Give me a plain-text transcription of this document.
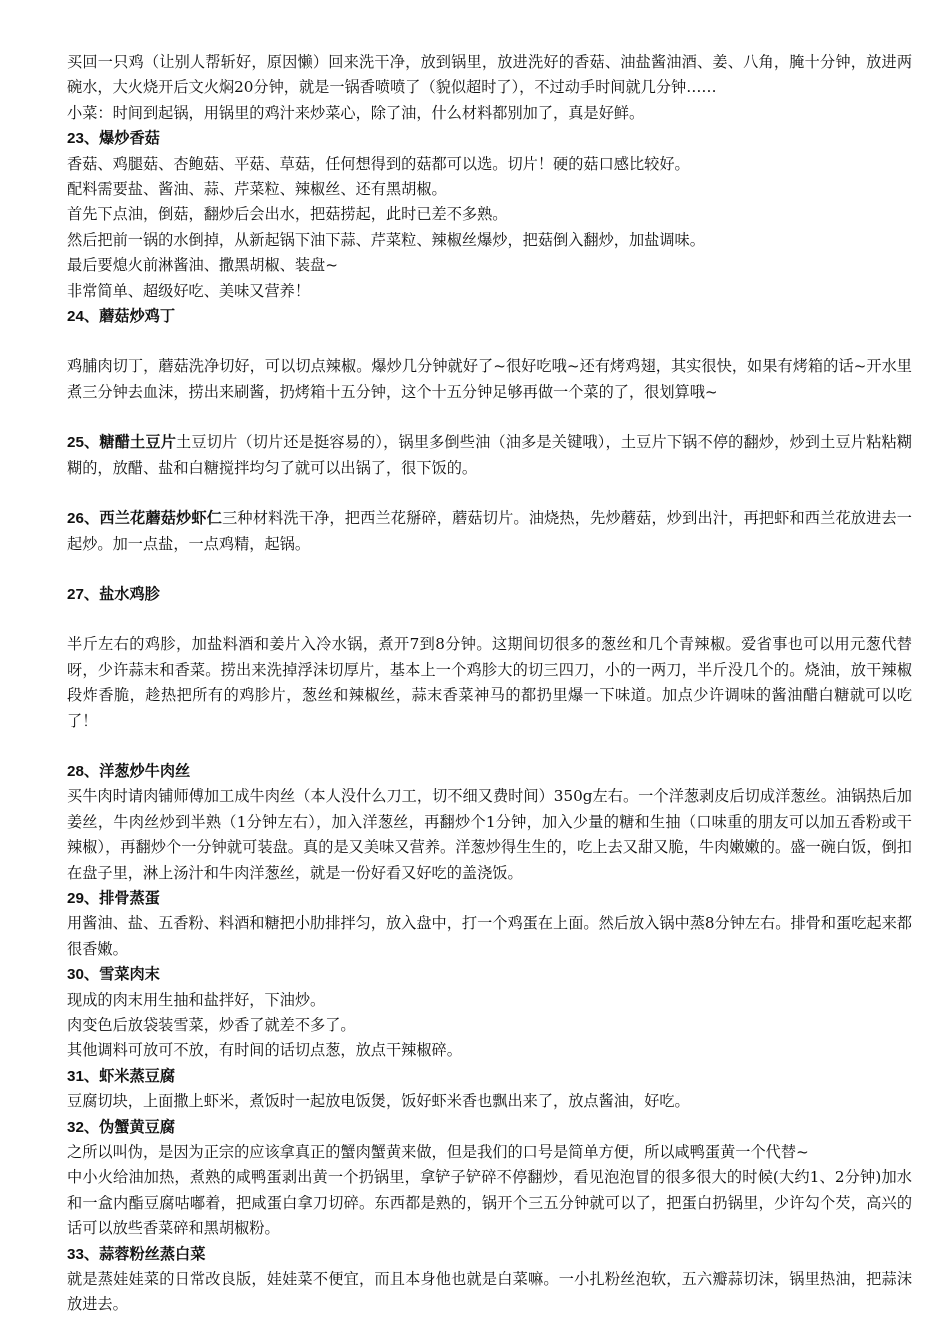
买回一只鸡（让别人帮斩好，原因懒）回来洗干净，放到锅里，放进洗好的香菇、油盐酱油酒、姜、八角，腌十分钟，放进两碗水，大火烧开后文火焖20分钟，就是一锅香喷喷了（貌似超时了），不过动手时间就几分钟……

小菜：时间到起锅，用锅里的鸡汁来炒菜心，除了油，什么材料都别加了，真是好鲜。

23、爆炒香菇

香菇、鸡腿菇、杏鲍菇、平菇、草菇，任何想得到的菇都可以选。切片！硬的菇口感比较好。

配料需要盐、酱油、蒜、芹菜粒、辣椒丝、还有黑胡椒。

首先下点油，倒菇，翻炒后会出水，把菇捞起，此时已差不多熟。

然后把前一锅的水倒掉，从新起锅下油下蒜、芹菜粒、辣椒丝爆炒，把菇倒入翻炒，加盐调味。

最后要熄火前淋酱油、撒黑胡椒、装盘~

非常简单、超级好吃、美味又营养！

24、蘑菇炒鸡丁

鸡脯肉切丁，蘑菇洗净切好，可以切点辣椒。爆炒几分钟就好了~很好吃哦~还有烤鸡翅，其实很快，如果有烤箱的话~开水里煮三分钟去血沫，捞出来刷酱，扔烤箱十五分钟，这个十五分钟足够再做一个菜的了，很划算哦~

25、糖醋土豆片土豆切片（切片还是挺容易的），锅里多倒些油（油多是关键哦），土豆片下锅不停的翻炒，炒到土豆片粘粘糊糊的，放醋、盐和白糖搅拌均匀了就可以出锅了，很下饭的。

26、西兰花蘑菇炒虾仁三种材料洗干净，把西兰花掰碎，蘑菇切片。油烧热，先炒蘑菇，炒到出汁，再把虾和西兰花放进去一起炒。加一点盐，一点鸡精，起锅。

27、盐水鸡胗

半斤左右的鸡胗，加盐料酒和姜片入冷水锅，煮开7到8分钟。这期间切很多的葱丝和几个青辣椒。爱省事也可以用元葱代替呀，少许蒜末和香菜。捞出来洗掉浮沫切厚片，基本上一个鸡胗大的切三四刀，小的一两刀，半斤没几个的。烧油，放干辣椒段炸香脆，趁热把所有的鸡胗片，葱丝和辣椒丝，蒜末香菜神马的都扔里爆一下味道。加点少许调味的酱油醋白糖就可以吃了！

28、洋葱炒牛肉丝

买牛肉时请肉铺师傅加工成牛肉丝（本人没什么刀工，切不细又费时间）350g左右。一个洋葱剥皮后切成洋葱丝。油锅热后加姜丝，牛肉丝炒到半熟（1分钟左右），加入洋葱丝，再翻炒个1分钟，加入少量的糖和生抽（口味重的朋友可以加五香粉或干辣椒），再翻炒个一分钟就可装盘。真的是又美味又营养。洋葱炒得生生的，吃上去又甜又脆，牛肉嫩嫩的。盛一碗白饭，倒扣在盘子里，淋上汤汁和牛肉洋葱丝，就是一份好看又好吃的盖浇饭。

29、排骨蒸蛋

用酱油、盐、五香粉、料酒和糖把小肋排拌匀，放入盘中，打一个鸡蛋在上面。然后放入锅中蒸8分钟左右。排骨和蛋吃起来都很香嫩。

30、雪菜肉末

现成的肉末用生抽和盐拌好，下油炒。

肉变色后放袋装雪菜，炒香了就差不多了。

其他调料可放可不放，有时间的话切点葱，放点干辣椒碎。

31、虾米蒸豆腐

豆腐切块，上面撒上虾米，煮饭时一起放电饭煲，饭好虾米香也飘出来了，放点酱油，好吃。

32、伪蟹黄豆腐

之所以叫伪，是因为正宗的应该拿真正的蟹肉蟹黄来做，但是我们的口号是简单方便，所以咸鸭蛋黄一个代替~

中小火给油加热，煮熟的咸鸭蛋剥出黄一个扔锅里，拿铲子铲碎不停翻炒，看见泡泡冒的很多很大的时候(大约1、2分钟)加水和一盒内酯豆腐咕嘟着，把咸蛋白拿刀切碎。东西都是熟的，锅开个三五分钟就可以了，把蛋白扔锅里，少许勾个芡，高兴的话可以放些香菜碎和黑胡椒粉。

33、蒜蓉粉丝蒸白菜

就是蒸娃娃菜的日常改良版，娃娃菜不便宜，而且本身他也就是白菜嘛。一小扎粉丝泡软，五六瓣蒜切沫，锅里热油，把蒜沫放进去。
